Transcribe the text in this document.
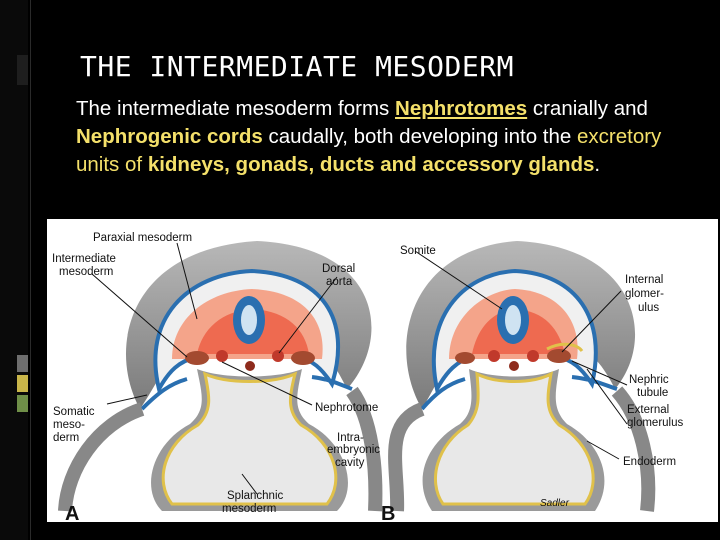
THE INTERMEDIATE MESODERM
The intermediate mesoderm forms Nephrotomes cranially and Nephrogenic cords caudally, both developing into the excretory units of kidneys, gonads, ducts and accessory glands.
Paraxial mesoderm
Intermediate
mesoderm	Dorsal
aorta
Somite
Internal
glomer-
ulus
Somatic
meso-
derm
Nephrotome
Intra-
embryonic
cavity
Nephric
tubule
External
glomerulus
Endoderm
Splanchnic
mesoderm
A	B	Sadler
